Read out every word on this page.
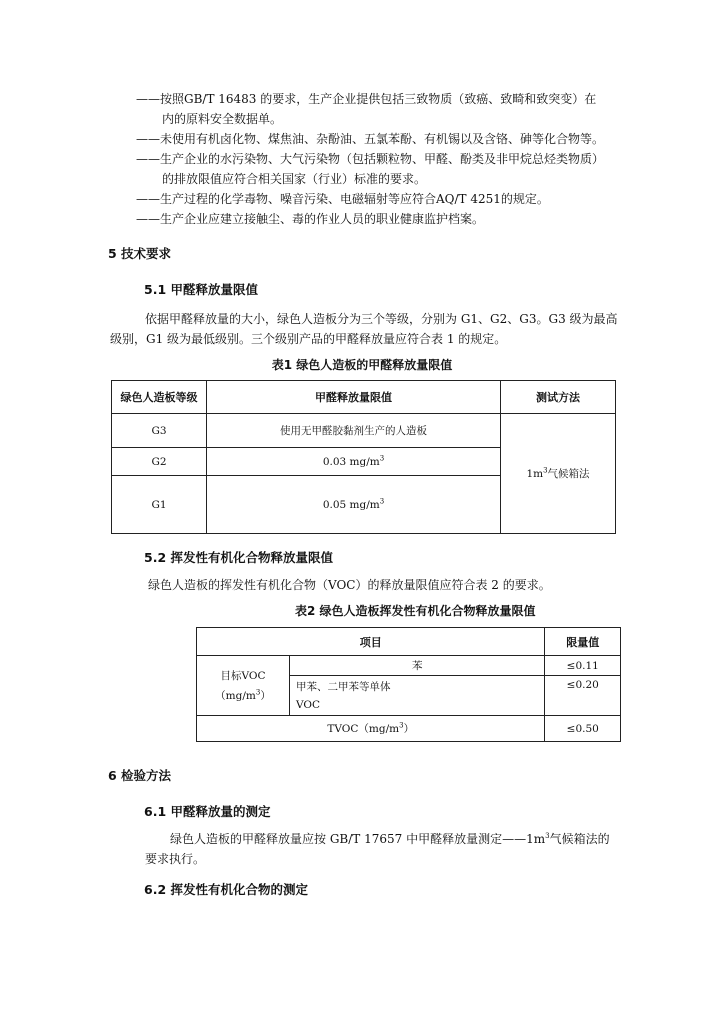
——按照GB/T 16483 的要求，生产企业提供包括三致物质（致癌、致畸和致突变）在
内的原料安全数据单。
——未使用有机卤化物、煤焦油、杂酚油、五氯苯酚、有机锡以及含铬、砷等化合物等。
——生产企业的水污染物、大气污染物（包括颗粒物、甲醛、酚类及非甲烷总烃类物质）
的排放限值应符合相关国家（行业）标准的要求。
——生产过程的化学毒物、噪音污染、电磁辐射等应符合AQ/T 4251的规定。
——生产企业应建立接触尘、毒的作业人员的职业健康监护档案。
5 技术要求
5.1 甲醛释放量限值
依据甲醛释放量的大小，绿色人造板分为三个等级，分别为 G1、G2、G3。G3 级为最高
级别，G1 级为最低级别。三个级别产品的甲醛释放量应符合表 1 的规定。
表1 绿色人造板的甲醛释放量限值
绿色人造板等级	甲醛释放量限值	测试方法
G3	使用无甲醛胶黏剂生产的人造板	$1m^3$气候箱法
G2	0.03 $mg/m^3$
G1	0.05 $mg/m^3$
5.2 挥发性有机化合物释放量限值
绿色人造板的挥发性有机化合物（VOC）的释放量限值应符合表 2 的要求。
表2 绿色人造板挥发性有机化合物释放量限值
项目		限量值

目标VOC
$(mg/m^3)$	苯	≤0.11

	甲苯、二甲苯等单体
VOC	≤0.20
$TVOC(mg/m^3)$		≤0.50
6 检验方法
6.1 甲醛释放量的测定
绿色人造板的甲醛释放量应按 GB/T 17657 中甲醛释放量测定$——1m^3$气候箱法的
要求执行。
6.2 挥发性有机化合物的测定
